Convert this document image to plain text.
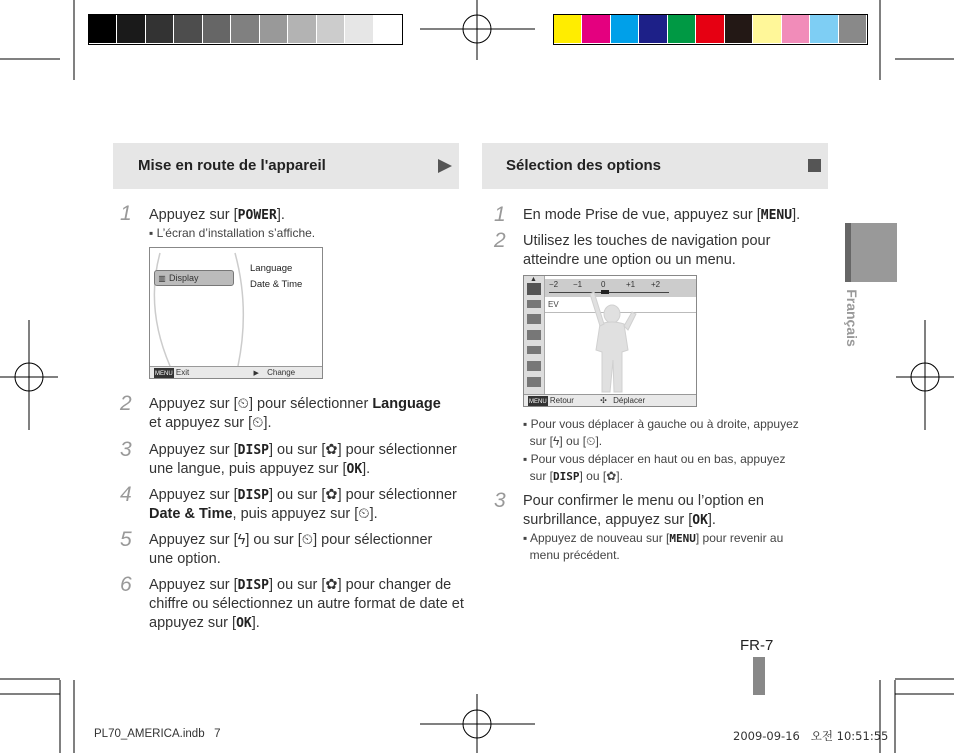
Mise en route de l'appareil
1 Appuyez sur [POWER].
▪ L’écran d’installation s’affiche.
▥ Display
Language
Date & Time
MENU Exit	▶ Change
2 Appuyez sur [⏲] pour sélectionner Language
et appuyez sur [⏲].
3 Appuyez sur [DISP] ou sur [✿] pour sélectionner
une langue, puis appuyez sur [OK].
4 Appuyez sur [DISP] ou sur [✿] pour sélectionner
Date & Time, puis appuyez sur [⏲].
5 Appuyez sur [ϟ] ou sur [⏲] pour sélectionner
une option.
6 Appuyez sur [DISP] ou sur [✿] pour changer de
chiffre ou sélectionnez un autre format de date et
appuyez sur [OK].
Sélection des options
Français
1 En mode Prise de vue, appuyez sur [MENU].
2 Utilisez les touches de navigation pour
atteindre une option ou un menu.
▲
−2 −1 0	+1 +2
EV
MENU Retour	✣ Déplacer
▪ Pour vous déplacer à gauche ou à droite, appuyez
sur [ϟ] ou [⏲].
▪ Pour vous déplacer en haut ou en bas, appuyez
sur [DISP] ou [✿].
3 Pour confirmer le menu ou l’option en
surbrillance, appuyez sur [OK].
▪ Appuyez de nouveau sur [MENU] pour revenir au
menu précédent.
FR-7
PL70_AMERICA.indb   7	2009-09-16   오전 10:51:55
